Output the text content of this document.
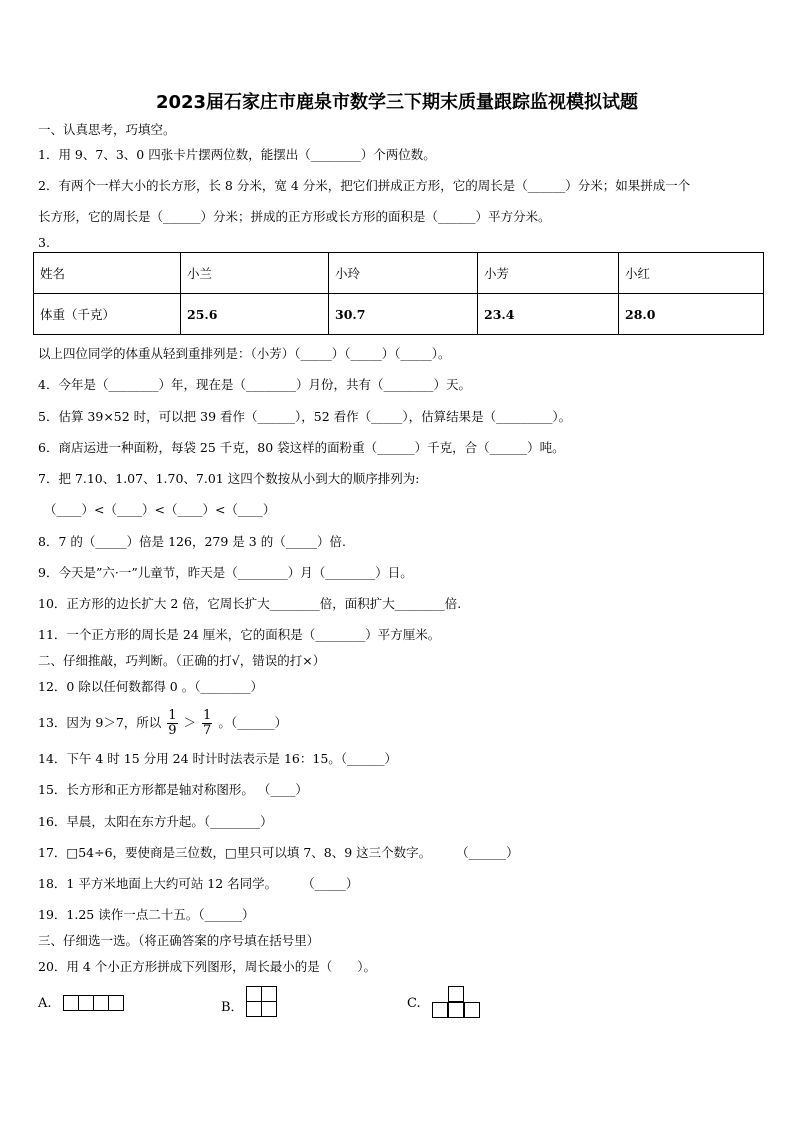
2023届石家庄市鹿泉市数学三下期末质量跟踪监视模拟试题
一、认真思考，巧填空。
1．用 9、7、3、0 四张卡片摆两位数，能摆出（________）个两位数。
2．有两个一样大小的长方形，长 8 分米，宽 4 分米，把它们拼成正方形，它的周长是（______）分米；如果拼成一个
长方形，它的周长是（______）分米；拼成的正方形或长方形的面积是（______）平方分米。
3.
姓名	小兰	小玲	小芳	小红
体重（千克）	25.6	30.7	23.4	28.0
以上四位同学的体重从轻到重排列是：（小芳）（_____）（_____）（_____）。
4．今年是（________）年，现在是（________）月份，共有（________）天。
5．估算 39×52 时，可以把 39 看作（______），52 看作（_____），估算结果是（_________）。
6．商店运进一种面粉，每袋 25 千克，80 袋这样的面粉重（______）千克，合（______）吨。
7．把 7.10、1.07、1.70、7.01 这四个数按从小到大的顺序排列为:
（____）<（____）<（____）<（____）
8．7 的（_____）倍是 126，279 是 3 的（_____）倍.
9．今天是”六·一”儿童节，昨天是（________）月（________）日。
10．正方形的边长扩大 2 倍，它周长扩大________倍，面积扩大________倍.
11．一个正方形的周长是 24 厘米，它的面积是（________）平方厘米。
二、仔细推敲，巧判断。（正确的打√，错误的打×）
12．0 除以任何数都得 0 。（________）
13．因为 9＞7，所以 $\frac{1}{9} > \frac{1}{7}$ 。（______）
14．下午 4 时 15 分用 24 时计时法表示是 16：15。（______）
15．长方形和正方形都是轴对称图形。 （____）
16．早晨，太阳在东方升起。（________）
17．□54÷6，要使商是三位数，□里只可以填 7、8、9 这三个数字。　　　（______）
18．1 平方米地面上大约可站 12 名同学。　　　（_____）
19．1.25 读作一点二十五。（______）
三、仔细选一选。（将正确答案的序号填在括号里）
20．用 4 个小正方形拼成下列图形，周长最小的是（　　）。
A.	B．	C.
